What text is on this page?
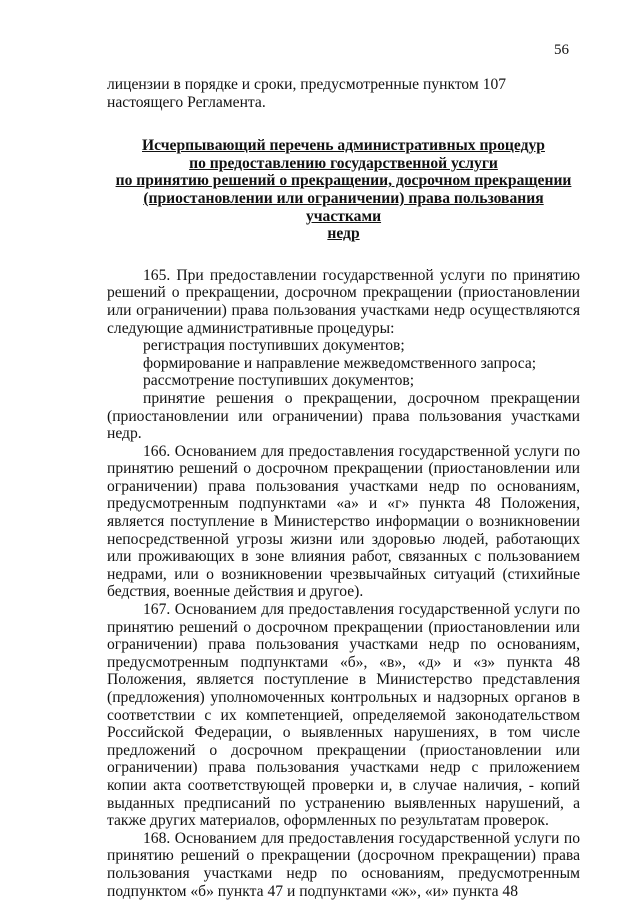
56

лицензии в порядке и сроки, предусмотренные пунктом 107 настоящего Регламента.

Исчерпывающий перечень административных процедур
по предоставлению государственной услуги
по принятию решений о прекращении, досрочном прекращении
(приостановлении или ограничении) права пользования участками
недр

165. При предоставлении государственной услуги по принятию решений о прекращении, досрочном прекращении (приостановлении или ограничении) права пользования участками недр осуществляются следующие административные процедуры:

регистрация поступивших документов;

формирование и направление межведомственного запроса;

рассмотрение поступивших документов;

принятие решения о прекращении, досрочном прекращении (приостановлении или ограничении) права пользования участками недр.

166. Основанием для предоставления государственной услуги по принятию решений о досрочном прекращении (приостановлении или ограничении) права пользования участками недр по основаниям, предусмотренным подпунктами «а» и «г» пункта 48 Положения, является поступление в Министерство информации о возникновении непосредственной угрозы жизни или здоровью людей, работающих или проживающих в зоне влияния работ, связанных с пользованием недрами, или о возникновении чрезвычайных ситуаций (стихийные бедствия, военные действия и другое).

167. Основанием для предоставления государственной услуги по принятию решений о досрочном прекращении (приостановлении или ограничении) права пользования участками недр по основаниям, предусмотренным подпунктами «б», «в», «д» и «з» пункта 48 Положения, является поступление в Министерство представления (предложения) уполномоченных контрольных и надзорных органов в соответствии с их компетенцией, определяемой законодательством Российской Федерации, о выявленных нарушениях, в том числе предложений о досрочном прекращении (приостановлении или ограничении) права пользования участками недр с приложением копии акта соответствующей проверки и, в случае наличия, - копий выданных предписаний по устранению выявленных нарушений, а также других материалов, оформленных по результатам проверок.

168. Основанием для предоставления государственной услуги по принятию решений о прекращении (досрочном прекращении) права пользования участками недр по основаниям, предусмотренным подпунктом «б» пункта 47 и подпунктами «ж», «и» пункта 48
